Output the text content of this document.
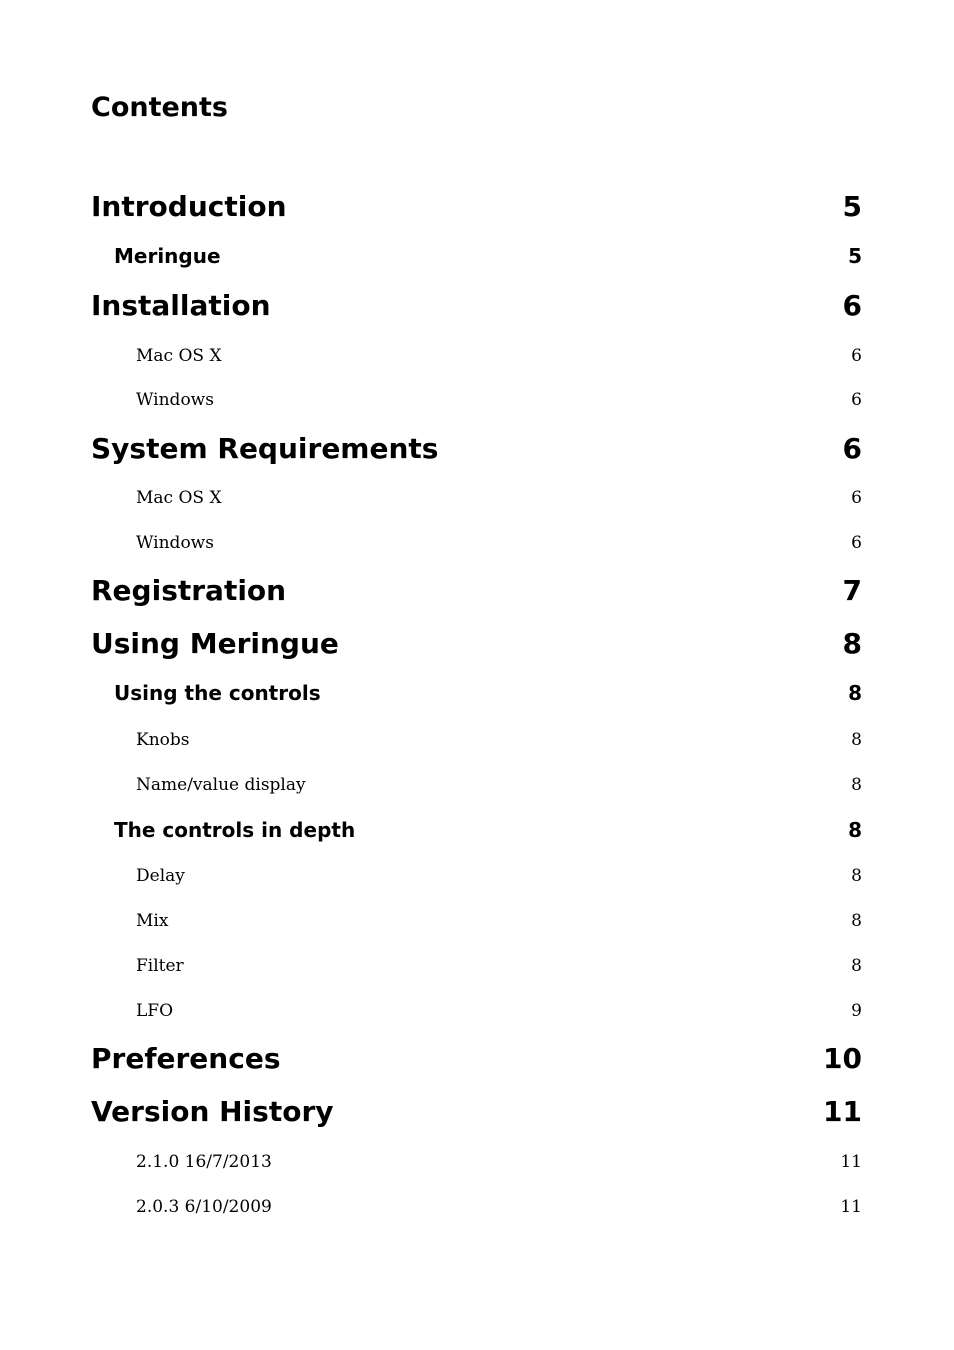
Contents
Introduction	5
Meringue	5
Installation	6
Mac OS X	6
Windows	6
System Requirements	6
Mac OS X	6
Windows	6
Registration	7
Using Meringue	8
Using the controls	8
Knobs	8
Name/value display	8
The controls in depth	8
Delay	8
Mix	8
Filter	8
LFO	9
Preferences	10
Version History	11
2.1.0 16/7/2013	11
2.0.3 6/10/2009	11
